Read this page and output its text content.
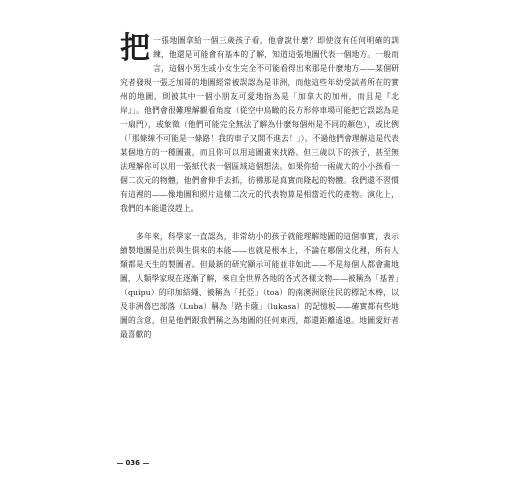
把一張地圖拿給一個三歲孩子看，他會說什麼？即使沒有任何明確的訓練，他還是可能會有基本的了解，知道這張地圖代表一個地方。一般而言，這個小男生或小女生完全不可能看得出來那是什麼地方——某個研究者發現一張乏加哥的地圖經常被誤認為是非洲，而他這些年幼受試者所在的實州的地圖，則被其中一個小朋友可愛地指為是「加拿大的加州，而且是『北岸』」。他們會很難理解觀看角度（從空中鳥瞰的長方形停車場可能把它誤認為是一扇門），或象徵（他們可能完全無法了解為什麼每個州是不同的顏色），或比例（「那條線不可能是一條路！我的車子又開不進去！」）。不過他們會理解這是代表某個地方的一種圖畫，而且你可以用這圖畫來找路。但三歲以下的孩子，甚至無法理解你可以用一張紙代表一個區域這個想法。如果你給一兩歲大的小小孩看一個二次元的物體，他們會伸手去抓，彷彿那是真實而隆起的物體。我們還不習慣有這裡的——像地圖和照片這樣二次元的代表物算是相當近代的產物。演化上，我們的本能還沒趕上。

多年來，科學家一直認為，非常幼小的孩子就能理解地圖的這個事實，表示繪製地圖是出於與生俱來的本能——也就是根本上，不論在哪個文化裡，所有人類都是天生的製圖者。但最新的研究顯示可能並非如此——不是每個人都會畫地圖，人類學家現在逐漸了解，來自全世界各地的各式各樣文物——被稱為「基普」（quipu）的印加結繩、被稱為「托亞」（toa）的南澳洲原住民的標記木棒，以及非洲魯巴部落（Luba）稱為「路卡薩」（lukasa）的記憶板——確實都有些地圖的含意，但是他們跟我們稱之為地圖的任何東西，都還距離遙遠。地圖愛好者最喜歡的

036
